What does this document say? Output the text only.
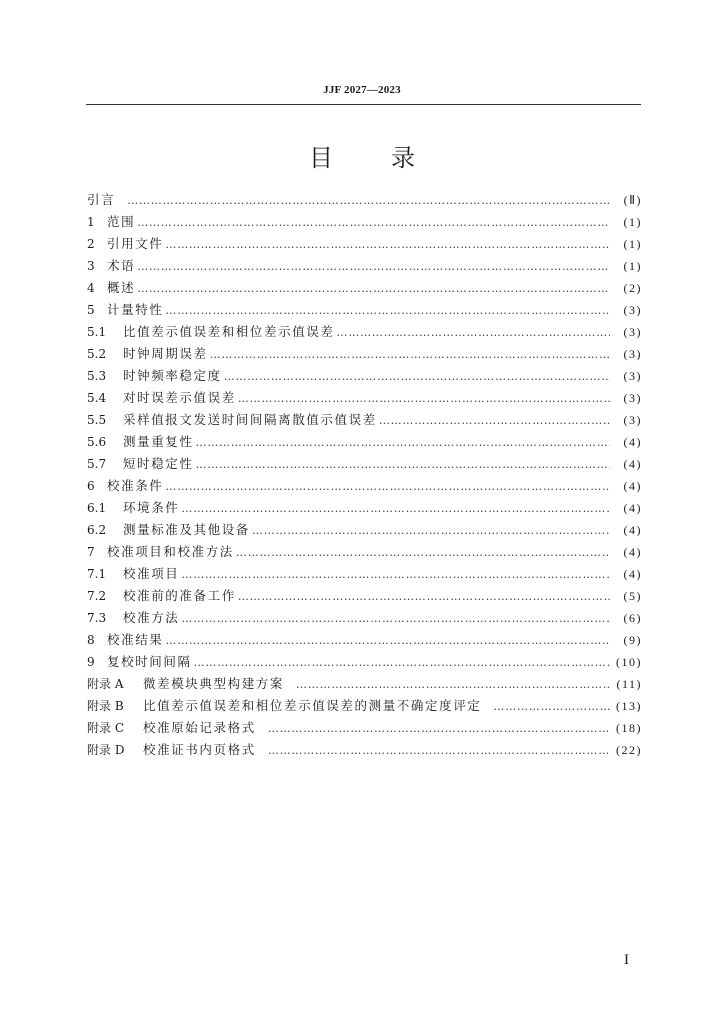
JJF 2027—2023
目 录
引言 ………………………………………………………………………………………………………………………………………………………………	(Ⅱ)
1 范围 ………………………………………………………………………………………………………………………………………………………………	(1)
2 引用文件 ………………………………………………………………………………………………………………………………………………………………	(1)
3 术语 ………………………………………………………………………………………………………………………………………………………………	(1)
4 概述 ………………………………………………………………………………………………………………………………………………………………	(2)
5 计量特性 ………………………………………………………………………………………………………………………………………………………………	(3)
5.1	比值差示值误差和相位差示值误差 ………………………………………………………………………………………………………………………………………………………………	(3)
5.2	时钟周期误差 ………………………………………………………………………………………………………………………………………………………………	(3)
5.3	时钟频率稳定度 ………………………………………………………………………………………………………………………………………………………………	(3)
5.4	对时误差示值误差 ………………………………………………………………………………………………………………………………………………………………	(3)
5.5	采样值报文发送时间间隔离散值示值误差 ………………………………………………………………………………………………………………………………………………………………	(3)
5.6	测量重复性 ………………………………………………………………………………………………………………………………………………………………	(4)
5.7	短时稳定性 ………………………………………………………………………………………………………………………………………………………………	(4)
6 校准条件 ………………………………………………………………………………………………………………………………………………………………	(4)
6.1	环境条件 ………………………………………………………………………………………………………………………………………………………………	(4)
6.2	测量标准及其他设备 ………………………………………………………………………………………………………………………………………………………………	(4)
7 校准项目和校准方法 ………………………………………………………………………………………………………………………………………………………………	(4)
7.1	校准项目 ………………………………………………………………………………………………………………………………………………………………	(4)
7.2	校准前的准备工作 ………………………………………………………………………………………………………………………………………………………………	(5)
7.3	校准方法 ………………………………………………………………………………………………………………………………………………………………	(6)
8 校准结果 ………………………………………………………………………………………………………………………………………………………………	(9)
9 复校时间间隔 ………………………………………………………………………………………………………………………………………………………………	(10)
附录 A	微差模块典型构建方案 ………………………………………………………………………………………………………………………………………………………………	(11)
附录 B	比值差示值误差和相位差示值误差的测量不确定度评定 ………………………………………………………………………………………………………………………………………………………………	(13)
附录 C	校准原始记录格式 ………………………………………………………………………………………………………………………………………………………………	(18)
附录 D	校准证书内页格式 ………………………………………………………………………………………………………………………………………………………………	(22)
I
